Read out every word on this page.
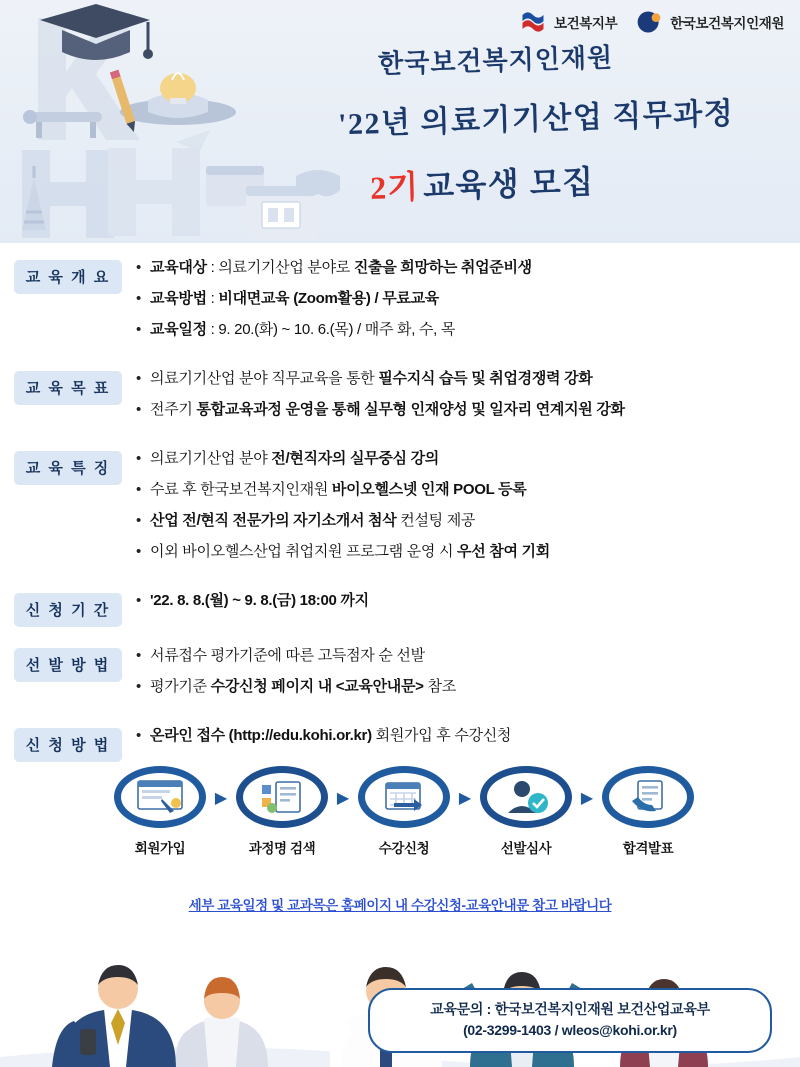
보건복지부	한국보건복지인재원
한국보건복지인재원
'22년 의료기기산업 직무과정
2기 교육생 모집
교 육 개 요
• 교육대상 : 의료기기산업 분야로 진출을 희망하는 취업준비생
• 교육방법 : 비대면교육 (Zoom활용) / 무료교육
• 교육일정 : 9. 20.(화) ~ 10. 6.(목) / 매주 화, 수, 목
교 육 목 표
• 의료기기산업 분야 직무교육을 통한 필수지식 습득 및 취업경쟁력 강화
• 전주기 통합교육과정 운영을 통해 실무형 인재양성 및 일자리 연계지원 강화
교 육 특 징
• 의료기기산업 분야 전/현직자의 실무중심 강의
• 수료 후 한국보건복지인재원 바이오헬스넷 인재 POOL 등록
• 산업 전/현직 전문가의 자기소개서 첨삭 컨설팅 제공
• 이외 바이오헬스산업 취업지원 프로그램 운영 시 우선 참여 기회
신 청 기 간
• '22. 8. 8.(월) ~ 9. 8.(금) 18:00 까지
선 발 방 법
• 서류접수 평가기준에 따른 고득점자 순 선발
• 평가기준 수강신청 페이지 내 <교육안내문> 참조
신 청 방 법
• 온라인 접수 (http://edu.kohi.or.kr) 회원가입 후 수강신청
회원가입
▶
과정명 검색
▶
수강신청
▶
선발심사
▶
합격발표
세부 교육일정 및 교과목은 홈페이지 내 수강신청-교육안내문 참고 바랍니다
교육문의 : 한국보건복지인재원 보건산업교육부
(02-3299-1403 / wleos@kohi.or.kr)
